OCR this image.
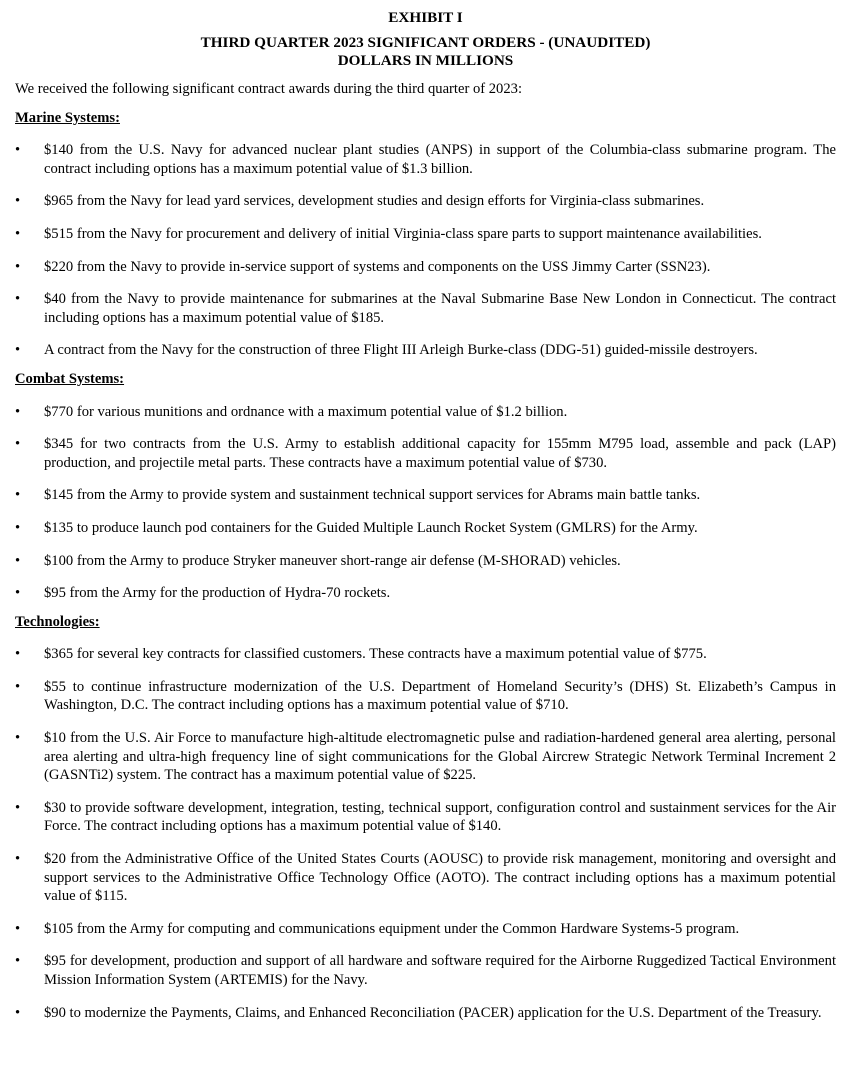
EXHIBIT I
THIRD QUARTER 2023 SIGNIFICANT ORDERS - (UNAUDITED)
DOLLARS IN MILLIONS

We received the following significant contract awards during the third quarter of 2023:

Marine Systems:
•	$140 from the U.S. Navy for advanced nuclear plant studies (ANPS) in support of the Columbia-class submarine program. The contract including options has a maximum potential value of $1.3 billion.
•	$965 from the Navy for lead yard services, development studies and design efforts for Virginia-class submarines.
•	$515 from the Navy for procurement and delivery of initial Virginia-class spare parts to support maintenance availabilities.
•	$220 from the Navy to provide in-service support of systems and components on the USS Jimmy Carter (SSN23).
•	$40 from the Navy to provide maintenance for submarines at the Naval Submarine Base New London in Connecticut. The contract including options has a maximum potential value of $185.
•	A contract from the Navy for the construction of three Flight III Arleigh Burke-class (DDG-51) guided-missile destroyers.
Combat Systems:
•	$770 for various munitions and ordnance with a maximum potential value of $1.2 billion.
•	$345 for two contracts from the U.S. Army to establish additional capacity for 155mm M795 load, assemble and pack (LAP) production, and projectile metal parts. These contracts have a maximum potential value of $730.
•	$145 from the Army to provide system and sustainment technical support services for Abrams main battle tanks.
•	$135 to produce launch pod containers for the Guided Multiple Launch Rocket System (GMLRS) for the Army.
•	$100 from the Army to produce Stryker maneuver short-range air defense (M-SHORAD) vehicles.
•	$95 from the Army for the production of Hydra-70 rockets.
Technologies:
•	$365 for several key contracts for classified customers. These contracts have a maximum potential value of $775.
•	$55 to continue infrastructure modernization of the U.S. Department of Homeland Security’s (DHS) St. Elizabeth’s Campus in Washington, D.C. The contract including options has a maximum potential value of $710.
•	$10 from the U.S. Air Force to manufacture high-altitude electromagnetic pulse and radiation-hardened general area alerting, personal area alerting and ultra-high frequency line of sight communications for the Global Aircrew Strategic Network Terminal Increment 2 (GASNTi2) system. The contract has a maximum potential value of $225.
•	$30 to provide software development, integration, testing, technical support, configuration control and sustainment services for the Air Force. The contract including options has a maximum potential value of $140.
•	$20 from the Administrative Office of the United States Courts (AOUSC) to provide risk management, monitoring and oversight and support services to the Administrative Office Technology Office (AOTO). The contract including options has a maximum potential value of $115.
•	$105 from the Army for computing and communications equipment under the Common Hardware Systems-5 program.
•	$95 for development, production and support of all hardware and software required for the Airborne Ruggedized Tactical Environment Mission Information System (ARTEMIS) for the Navy.
•	$90 to modernize the Payments, Claims, and Enhanced Reconciliation (PACER) application for the U.S. Department of the Treasury.
